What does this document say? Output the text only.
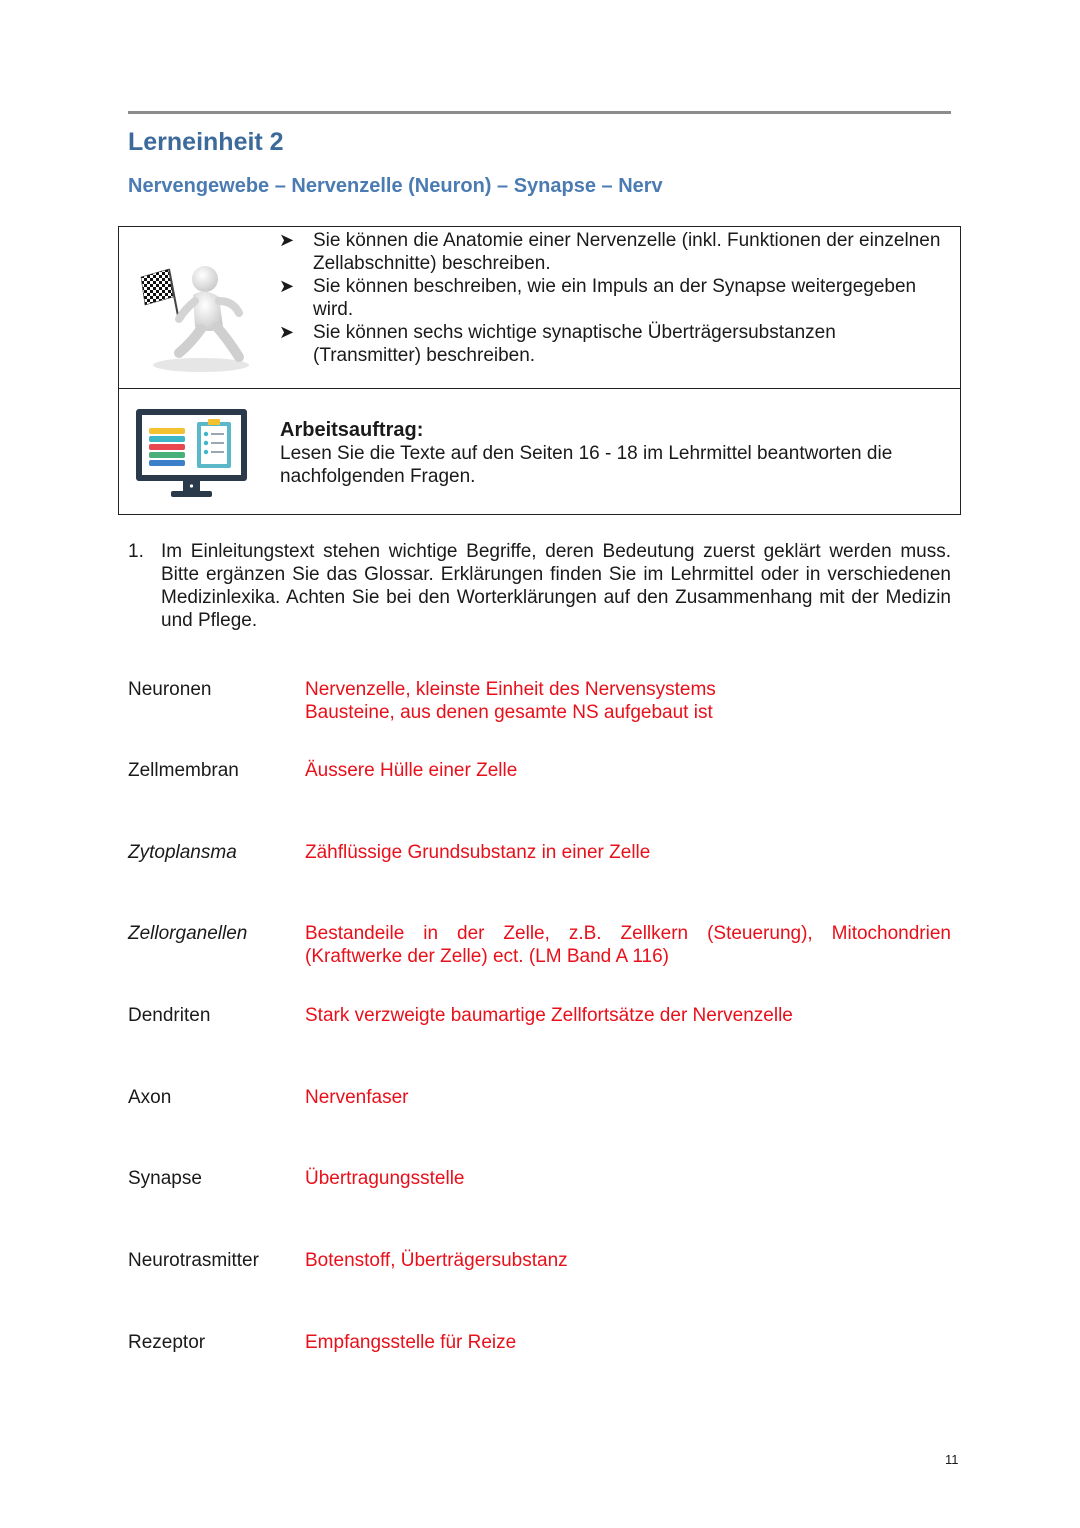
Lerneinheit 2
Nervengewebe – Nervenzelle (Neuron) – Synapse – Nerv
➤ Sie können die Anatomie einer Nervenzelle (inkl. Funktionen der einzelnen Zellabschnitte) beschreiben.
➤ Sie können beschreiben, wie ein Impuls an der Synapse weitergegeben wird.
➤ Sie können sechs wichtige synaptische Überträgersubstanzen (Transmitter) beschreiben.
Arbeitsauftrag:
Lesen Sie die Texte auf den Seiten 16 - 18 im Lehrmittel beantworten die nachfolgenden Fragen.
1. Im Einleitungstext stehen wichtige Begriffe, deren Bedeutung zuerst geklärt werden muss. Bitte ergänzen Sie das Glossar. Erklärungen finden Sie im Lehrmittel oder in verschiedenen Medizinlexika. Achten Sie bei den Worterklärungen auf den Zusammenhang mit der Medizin und Pflege.
Neuronen	Nervenzelle, kleinste Einheit des Nervensystems
Bausteine, aus denen gesamte NS aufgebaut ist
Zellmembran	Äussere Hülle einer Zelle
Zytoplansma	Zähflüssige Grundsubstanz in einer Zelle
Zellorganellen	Bestandeile in der Zelle, z.B. Zellkern (Steuerung), Mitochondrien (Kraftwerke der Zelle) ect. (LM Band A 116)
Dendriten	Stark verzweigte baumartige Zellfortsätze der Nervenzelle
Axon	Nervenfaser
Synapse	Übertragungsstelle
Neurotrasmitter Botenstoff, Überträgersubstanz
Rezeptor	Empfangsstelle für Reize
11
